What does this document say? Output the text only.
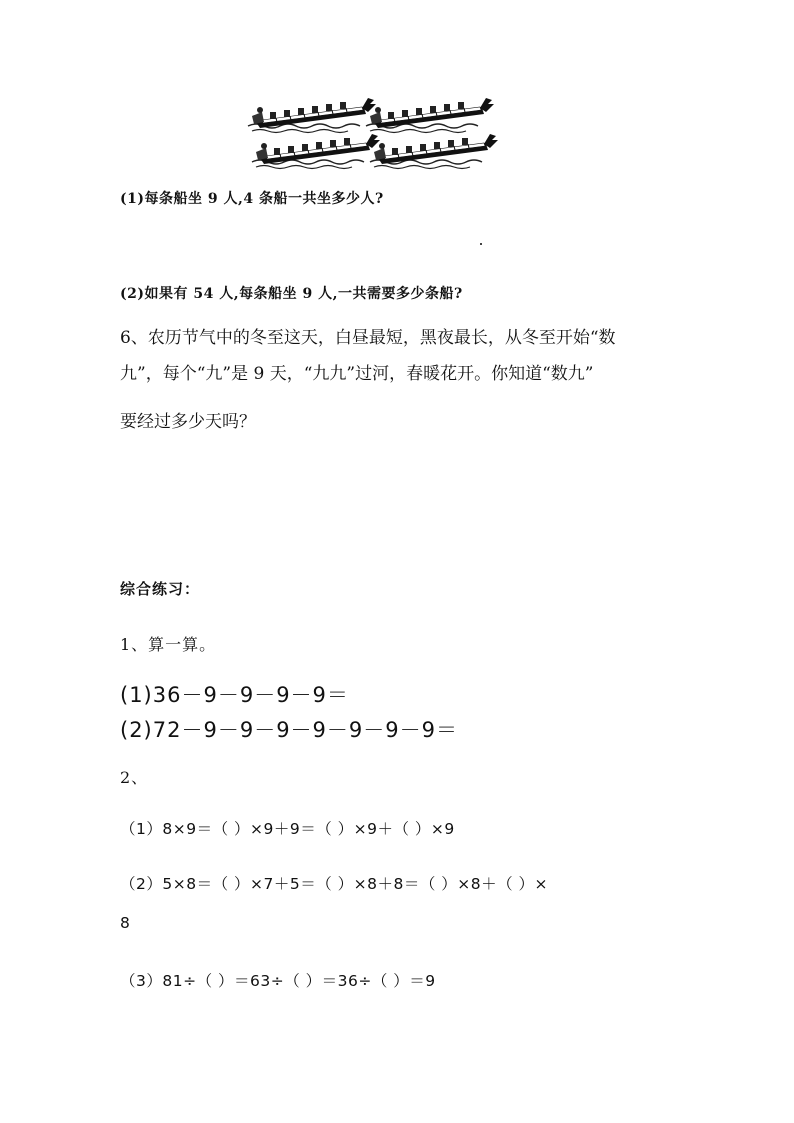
(1)每条船坐 9 人,4 条船一共坐多少人?
(2)如果有 54 人,每条船坐 9 人,一共需要多少条船?
6、农历节气中的冬至这天，白昼最短，黑夜最长，从冬至开始“数
九”，每个“九”是 9 天，“九九”过河，春暖花开。你知道“数九”
要经过多少天吗？
综合练习：
1、算一算。
(1)36－9－9－9－9＝
(2)72－9－9－9－9－9－9－9＝
2、
（1）8×9＝（ ）×9＋9＝（ ）×9＋（ ）×9
（2）5×8＝（ ）×7＋5＝（ ）×8＋8＝（ ）×8＋（ ）×
8
（3）81÷（ ）＝63÷（ ）＝36÷（ ）＝9
